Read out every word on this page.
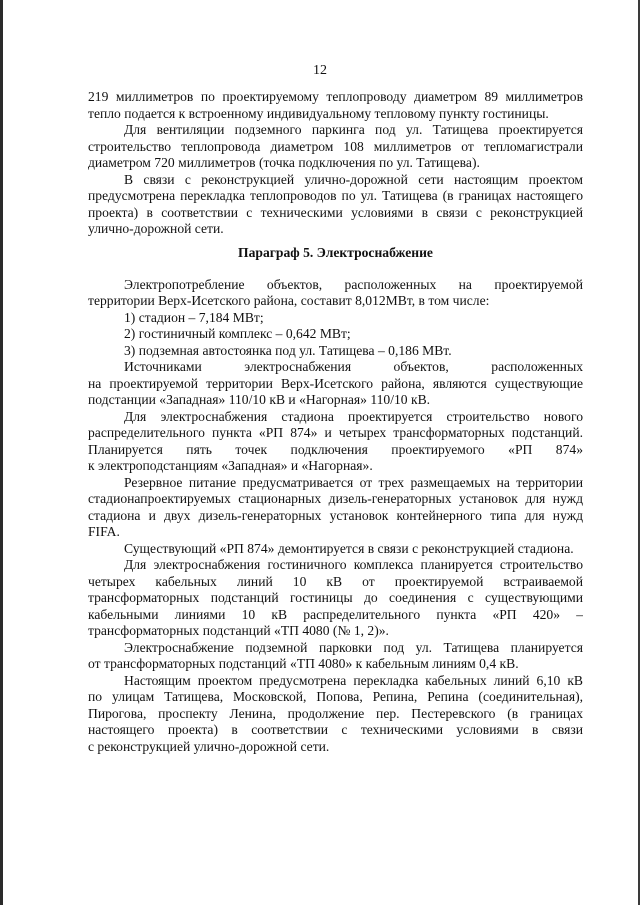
12
219 миллиметров по проектируемому теплопроводу диаметром 89 миллиметров
тепло подается к встроенному индивидуальному тепловому пункту гостиницы.
Для вентиляции подземного паркинга под ул. Татищева проектируется
строительство теплопровода диаметром 108 миллиметров от тепломагистрали
диаметром 720 миллиметров (точка подключения по ул. Татищева).
В связи с реконструкцией улично-дорожной сети настоящим проектом
предусмотрена перекладка теплопроводов по ул. Татищева (в границах настоящего
проекта) в соответствии с техническими условиями в связи с реконструкцией
улично-дорожной сети.
Параграф 5. Электроснабжение
Электропотребление объектов, расположенных на проектируемой
территории Верх-Исетского района, составит 8,012МВт, в том числе:
1) стадион – 7,184 МВт;
2) гостиничный комплекс – 0,642 МВт;
3) подземная автостоянка под ул. Татищева – 0,186 МВт.
Источниками электроснабжения объектов, расположенных
на проектируемой территории Верх-Исетского района, являются существующие
подстанции «Западная» 110/10 кВ и «Нагорная» 110/10 кВ.
Для электроснабжения стадиона проектируется строительство нового
распределительного пункта «РП 874» и четырех трансформаторных подстанций.
Планируется пять точек подключения проектируемого «РП 874»
к электроподстанциям «Западная» и «Нагорная».
Резервное питание предусматривается от трех размещаемых на территории
стадионапроектируемых стационарных дизель-генераторных установок для нужд
стадиона и двух дизель-генераторных установок контейнерного типа для нужд
FIFA.
Существующий «РП 874» демонтируется в связи с реконструкцией стадиона.
Для электроснабжения гостиничного комплекса планируется строительство
четырех кабельных линий 10 кВ от проектируемой встраиваемой
трансформаторных подстанций гостиницы до соединения с существующими
кабельными линиями 10 кВ распределительного пункта «РП 420» –
трансформаторных подстанций «ТП 4080 (№ 1, 2)».
Электроснабжение подземной парковки под ул. Татищева планируется
от трансформаторных подстанций «ТП 4080» к кабельным линиям 0,4 кВ.
Настоящим проектом предусмотрена перекладка кабельных линий 6,10 кВ
по улицам Татищева, Московской, Попова, Репина, Репина (соединительная),
Пирогова, проспекту Ленина, продолжение пер. Пестеревского (в границах
настоящего проекта) в соответствии с техническими условиями в связи
с реконструкцией улично-дорожной сети.
